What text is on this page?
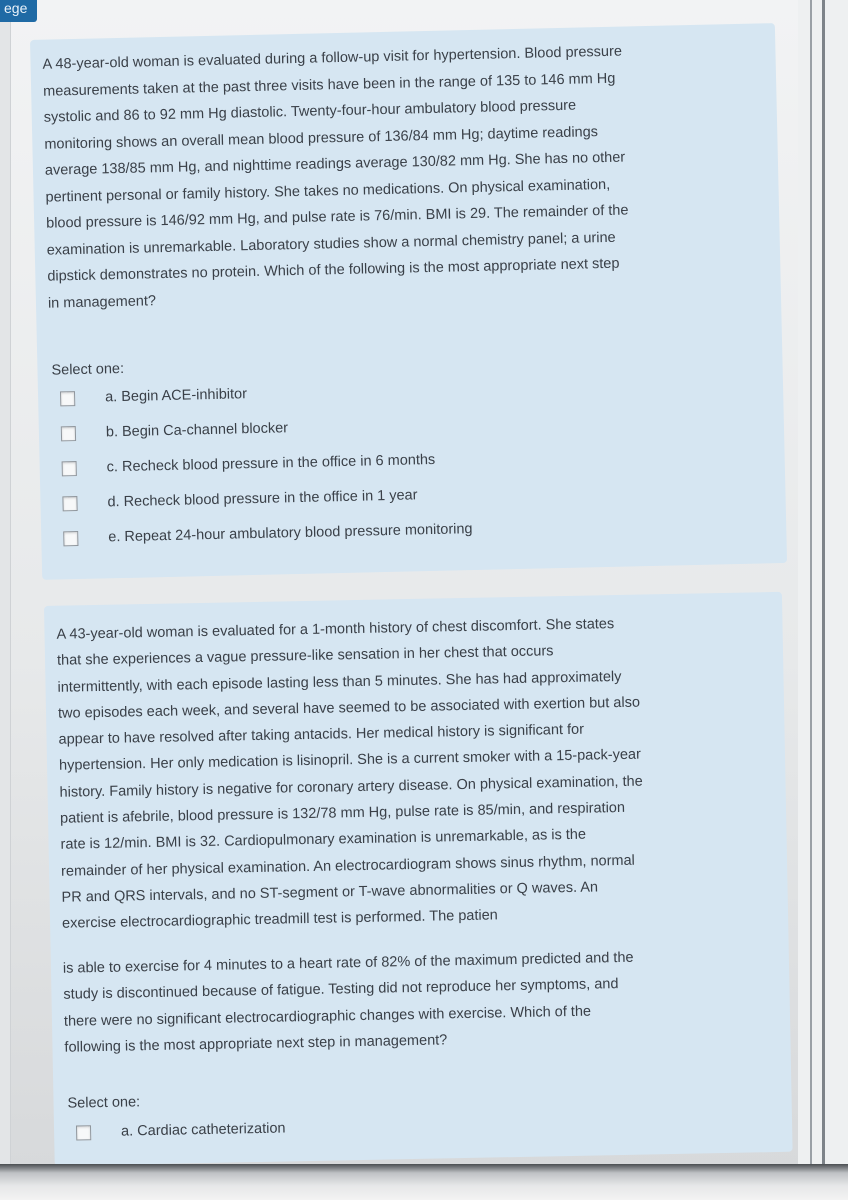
ege
A 48-year-old woman is evaluated during a follow-up visit for hypertension. Blood pressure
measurements taken at the past three visits have been in the range of 135 to 146 mm Hg
systolic and 86 to 92 mm Hg diastolic. Twenty-four-hour ambulatory blood pressure
monitoring shows an overall mean blood pressure of 136/84 mm Hg; daytime readings
average 138/85 mm Hg, and nighttime readings average 130/82 mm Hg. She has no other
pertinent personal or family history. She takes no medications. On physical examination,
blood pressure is 146/92 mm Hg, and pulse rate is 76/min. BMI is 29. The remainder of the
examination is unremarkable. Laboratory studies show a normal chemistry panel; a urine
dipstick demonstrates no protein. Which of the following is the most appropriate next step
in management?
Select one:
a. Begin ACE-inhibitor
b. Begin Ca-channel blocker
c. Recheck blood pressure in the office in 6 months
d. Recheck blood pressure in the office in 1 year
e. Repeat 24-hour ambulatory blood pressure monitoring
A 43-year-old woman is evaluated for a 1-month history of chest discomfort. She states
that she experiences a vague pressure-like sensation in her chest that occurs
intermittently, with each episode lasting less than 5 minutes. She has had approximately
two episodes each week, and several have seemed to be associated with exertion but also
appear to have resolved after taking antacids. Her medical history is significant for
hypertension. Her only medication is lisinopril. She is a current smoker with a 15-pack-year
history. Family history is negative for coronary artery disease. On physical examination, the
patient is afebrile, blood pressure is 132/78 mm Hg, pulse rate is 85/min, and respiration
rate is 12/min. BMI is 32. Cardiopulmonary examination is unremarkable, as is the
remainder of her physical examination. An electrocardiogram shows sinus rhythm, normal
PR and QRS intervals, and no ST-segment or T-wave abnormalities or Q waves. An
exercise electrocardiographic treadmill test is performed. The patien
is able to exercise for 4 minutes to a heart rate of 82% of the maximum predicted and the
study is discontinued because of fatigue. Testing did not reproduce her symptoms, and
there were no significant electrocardiographic changes with exercise. Which of the
following is the most appropriate next step in management?
Select one:
a. Cardiac catheterization
